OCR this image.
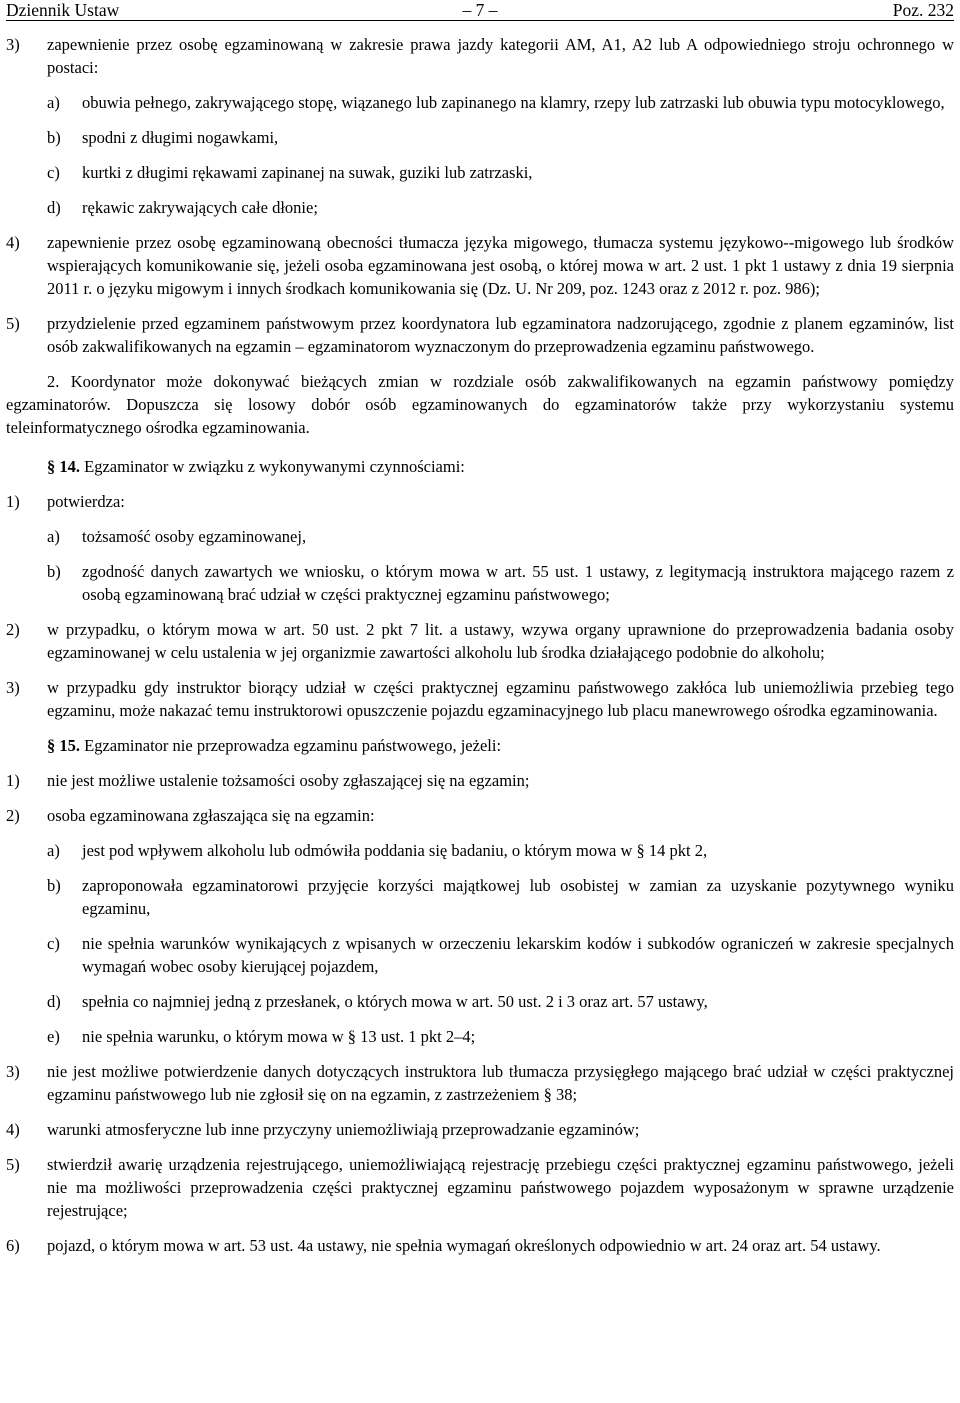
Dziennik Ustaw	– 7 –	Poz. 232
3) zapewnienie przez osobę egzaminowaną w zakresie prawa jazdy kategorii AM, A1, A2 lub A odpowiedniego stroju ochronnego w postaci:
a) obuwia pełnego, zakrywającego stopę, wiązanego lub zapinanego na klamry, rzepy lub zatrzaski lub obuwia typu motocyklowego,
b) spodni z długimi nogawkami,
c) kurtki z długimi rękawami zapinanej na suwak, guziki lub zatrzaski,
d) rękawic zakrywających całe dłonie;
4) zapewnienie przez osobę egzaminowaną obecności tłumacza języka migowego, tłumacza systemu językowo--migowego lub środków wspierających komunikowanie się, jeżeli osoba egzaminowana jest osobą, o której mowa w art. 2 ust. 1 pkt 1 ustawy z dnia 19 sierpnia 2011 r. o języku migowym i innych środkach komunikowania się (Dz. U. Nr 209, poz. 1243 oraz z 2012 r. poz. 986);
5) przydzielenie przed egzaminem państwowym przez koordynatora lub egzaminatora nadzorującego, zgodnie z planem egzaminów, list osób zakwalifikowanych na egzamin – egzaminatorom wyznaczonym do przeprowadzenia egzaminu państwowego.
2. Koordynator może dokonywać bieżących zmian w rozdziale osób zakwalifikowanych na egzamin państwowy pomiędzy egzaminatorów. Dopuszcza się losowy dobór osób egzaminowanych do egzaminatorów także przy wykorzystaniu systemu teleinformatycznego ośrodka egzaminowania.
§ 14. Egzaminator w związku z wykonywanymi czynnościami:
1) potwierdza:
a) tożsamość osoby egzaminowanej,
b) zgodność danych zawartych we wniosku, o którym mowa w art. 55 ust. 1 ustawy, z legitymacją instruktora mającego razem z osobą egzaminowaną brać udział w części praktycznej egzaminu państwowego;
2) w przypadku, o którym mowa w art. 50 ust. 2 pkt 7 lit. a ustawy, wzywa organy uprawnione do przeprowadzenia badania osoby egzaminowanej w celu ustalenia w jej organizmie zawartości alkoholu lub środka działającego podobnie do alkoholu;
3) w przypadku gdy instruktor biorący udział w części praktycznej egzaminu państwowego zakłóca lub uniemożliwia przebieg tego egzaminu, może nakazać temu instruktorowi opuszczenie pojazdu egzaminacyjnego lub placu manewrowego ośrodka egzaminowania.
§ 15. Egzaminator nie przeprowadza egzaminu państwowego, jeżeli:
1) nie jest możliwe ustalenie tożsamości osoby zgłaszającej się na egzamin;
2) osoba egzaminowana zgłaszająca się na egzamin:
a) jest pod wpływem alkoholu lub odmówiła poddania się badaniu, o którym mowa w § 14 pkt 2,
b) zaproponowała egzaminatorowi przyjęcie korzyści majątkowej lub osobistej w zamian za uzyskanie pozytywnego wyniku egzaminu,
c) nie spełnia warunków wynikających z wpisanych w orzeczeniu lekarskim kodów i subkodów ograniczeń w zakresie specjalnych wymagań wobec osoby kierującej pojazdem,
d) spełnia co najmniej jedną z przesłanek, o których mowa w art. 50 ust. 2 i 3 oraz art. 57 ustawy,
e) nie spełnia warunku, o którym mowa w § 13 ust. 1 pkt 2–4;
3) nie jest możliwe potwierdzenie danych dotyczących instruktora lub tłumacza przysięgłego mającego brać udział w części praktycznej egzaminu państwowego lub nie zgłosił się on na egzamin, z zastrzeżeniem § 38;
4) warunki atmosferyczne lub inne przyczyny uniemożliwiają przeprowadzanie egzaminów;
5) stwierdził awarię urządzenia rejestrującego, uniemożliwiającą rejestrację przebiegu części praktycznej egzaminu państwowego, jeżeli nie ma możliwości przeprowadzenia części praktycznej egzaminu państwowego pojazdem wyposażonym w sprawne urządzenie rejestrujące;
6) pojazd, o którym mowa w art. 53 ust. 4a ustawy, nie spełnia wymagań określonych odpowiednio w art. 24 oraz art. 54 ustawy.
